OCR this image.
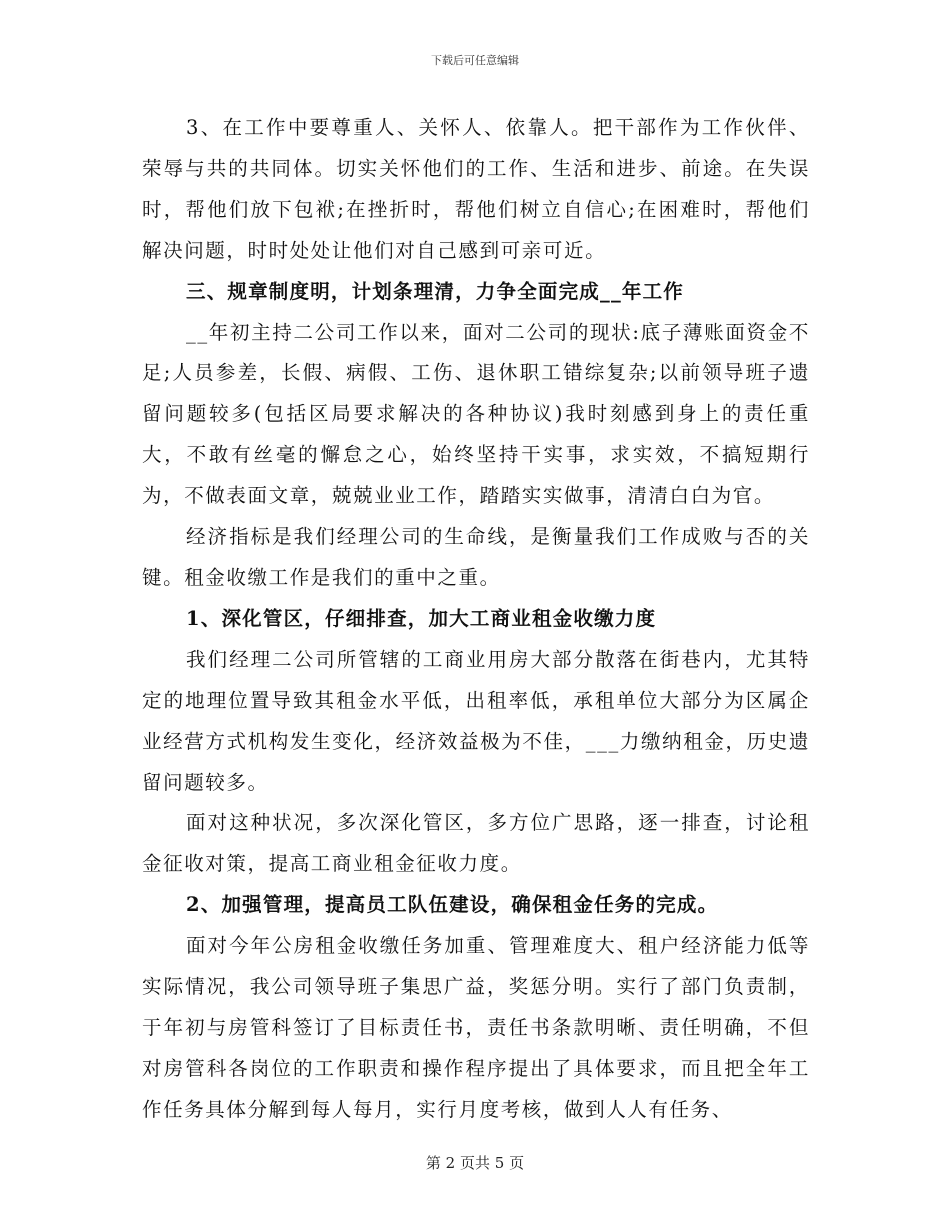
下载后可任意编辑

3、在工作中要尊重人、关怀人、依靠人。把干部作为工作伙伴、荣辱与共的共同体。切实关怀他们的工作、生活和进步、前途。在失误时，帮他们放下包袱;在挫折时，帮他们树立自信心;在困难时，帮他们解决问题，时时处处让他们对自己感到可亲可近。

三、规章制度明，计划条理清，力争全面完成__年工作

__年初主持二公司工作以来，面对二公司的现状:底子薄账面资金不足;人员参差，长假、病假、工伤、退休职工错综复杂;以前领导班子遗留问题较多(包括区局要求解决的各种协议)我时刻感到身上的责任重大，不敢有丝毫的懈怠之心，始终坚持干实事，求实效，不搞短期行为，不做表面文章，兢兢业业工作，踏踏实实做事，清清白白为官。

经济指标是我们经理公司的生命线，是衡量我们工作成败与否的关键。租金收缴工作是我们的重中之重。

1、深化管区，仔细排查，加大工商业租金收缴力度

我们经理二公司所管辖的工商业用房大部分散落在街巷内，尤其特定的地理位置导致其租金水平低，出租率低，承租单位大部分为区属企业经营方式机构发生变化，经济效益极为不佳，___力缴纳租金，历史遗留问题较多。

面对这种状况，多次深化管区，多方位广思路，逐一排查，讨论租金征收对策，提高工商业租金征收力度。

2、加强管理，提高员工队伍建设，确保租金任务的完成。

面对今年公房租金收缴任务加重、管理难度大、租户经济能力低等实际情况，我公司领导班子集思广益，奖惩分明。实行了部门负责制，于年初与房管科签订了目标责任书，责任书条款明晰、责任明确，不但对房管科各岗位的工作职责和操作程序提出了具体要求，而且把全年工作任务具体分解到每人每月，实行月度考核，做到人人有任务、

第 2 页共 5 页
